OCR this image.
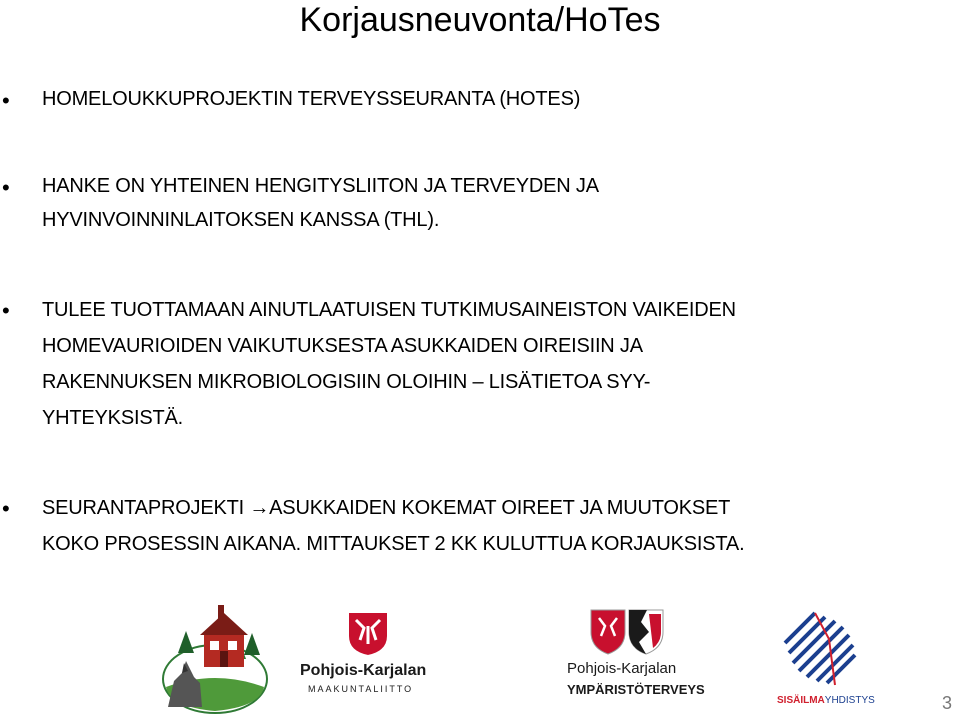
Korjausneuvonta/HoTes
• HOMELOUKKUPROJEKTIN TERVEYSSEURANTA (HOTES)
• HANKE ON YHTEINEN HENGITYSLIITON JA TERVEYDEN JA
HYVINVOINNINLAITOKSEN KANSSA (THL).
• TULEE TUOTTAMAAN AINUTLAATUISEN TUTKIMUSAINEISTON VAIKEIDEN
HOMEVAURIOIDEN VAIKUTUKSESTA ASUKKAIDEN OIREISIIN JA
RAKENNUKSEN MIKROBIOLOGISIIN OLOIHIN – LISÄTIETOA SYY-
YHTEYKSISTÄ.
• SEURANTAPROJEKTI →ASUKKAIDEN KOKEMAT OIREET JA MUUTOKSET
KOKO PROSESSIN AIKANA. MITTAUKSET 2 KK KULUTTUA KORJAUKSISTA.
Pohjois-Karjalan
MAAKUNTALIITTO
Pohjois-Karjalan
YMPÄRISTÖTERVEYS
SISÄILMAYHDISTYS	3
